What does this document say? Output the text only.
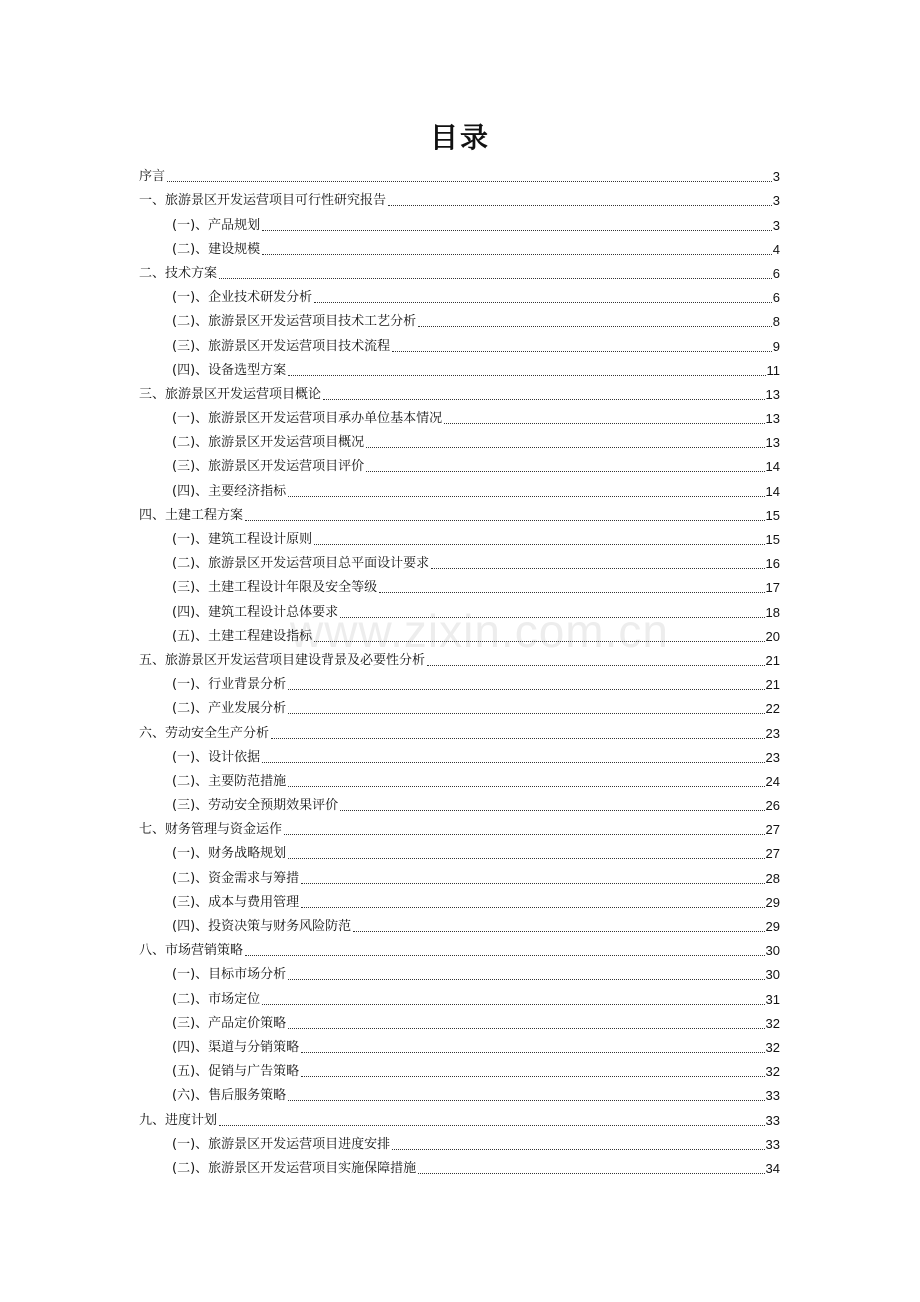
目录
www.zixin.com.cn
序言	3
一、旅游景区开发运营项目可行性研究报告	3
(一)、产品规划	3
(二)、建设规模	4
二、技术方案	6
(一)、企业技术研发分析	6
(二)、旅游景区开发运营项目技术工艺分析	8
(三)、旅游景区开发运营项目技术流程	9
(四)、设备选型方案	11
三、旅游景区开发运营项目概论	13
(一)、旅游景区开发运营项目承办单位基本情况	13
(二)、旅游景区开发运营项目概况	13
(三)、旅游景区开发运营项目评价	14
(四)、主要经济指标	14
四、土建工程方案	15
(一)、建筑工程设计原则	15
(二)、旅游景区开发运营项目总平面设计要求	16
(三)、土建工程设计年限及安全等级	17
(四)、建筑工程设计总体要求	18
(五)、土建工程建设指标	20
五、旅游景区开发运营项目建设背景及必要性分析	21
(一)、行业背景分析	21
(二)、产业发展分析	22
六、劳动安全生产分析	23
(一)、设计依据	23
(二)、主要防范措施	24
(三)、劳动安全预期效果评价	26
七、财务管理与资金运作	27
(一)、财务战略规划	27
(二)、资金需求与筹措	28
(三)、成本与费用管理	29
(四)、投资决策与财务风险防范	29
八、市场营销策略	30
(一)、目标市场分析	30
(二)、市场定位	31
(三)、产品定价策略	32
(四)、渠道与分销策略	32
(五)、促销与广告策略	32
(六)、售后服务策略	33
九、进度计划	33
(一)、旅游景区开发运营项目进度安排	33
(二)、旅游景区开发运营项目实施保障措施	34
